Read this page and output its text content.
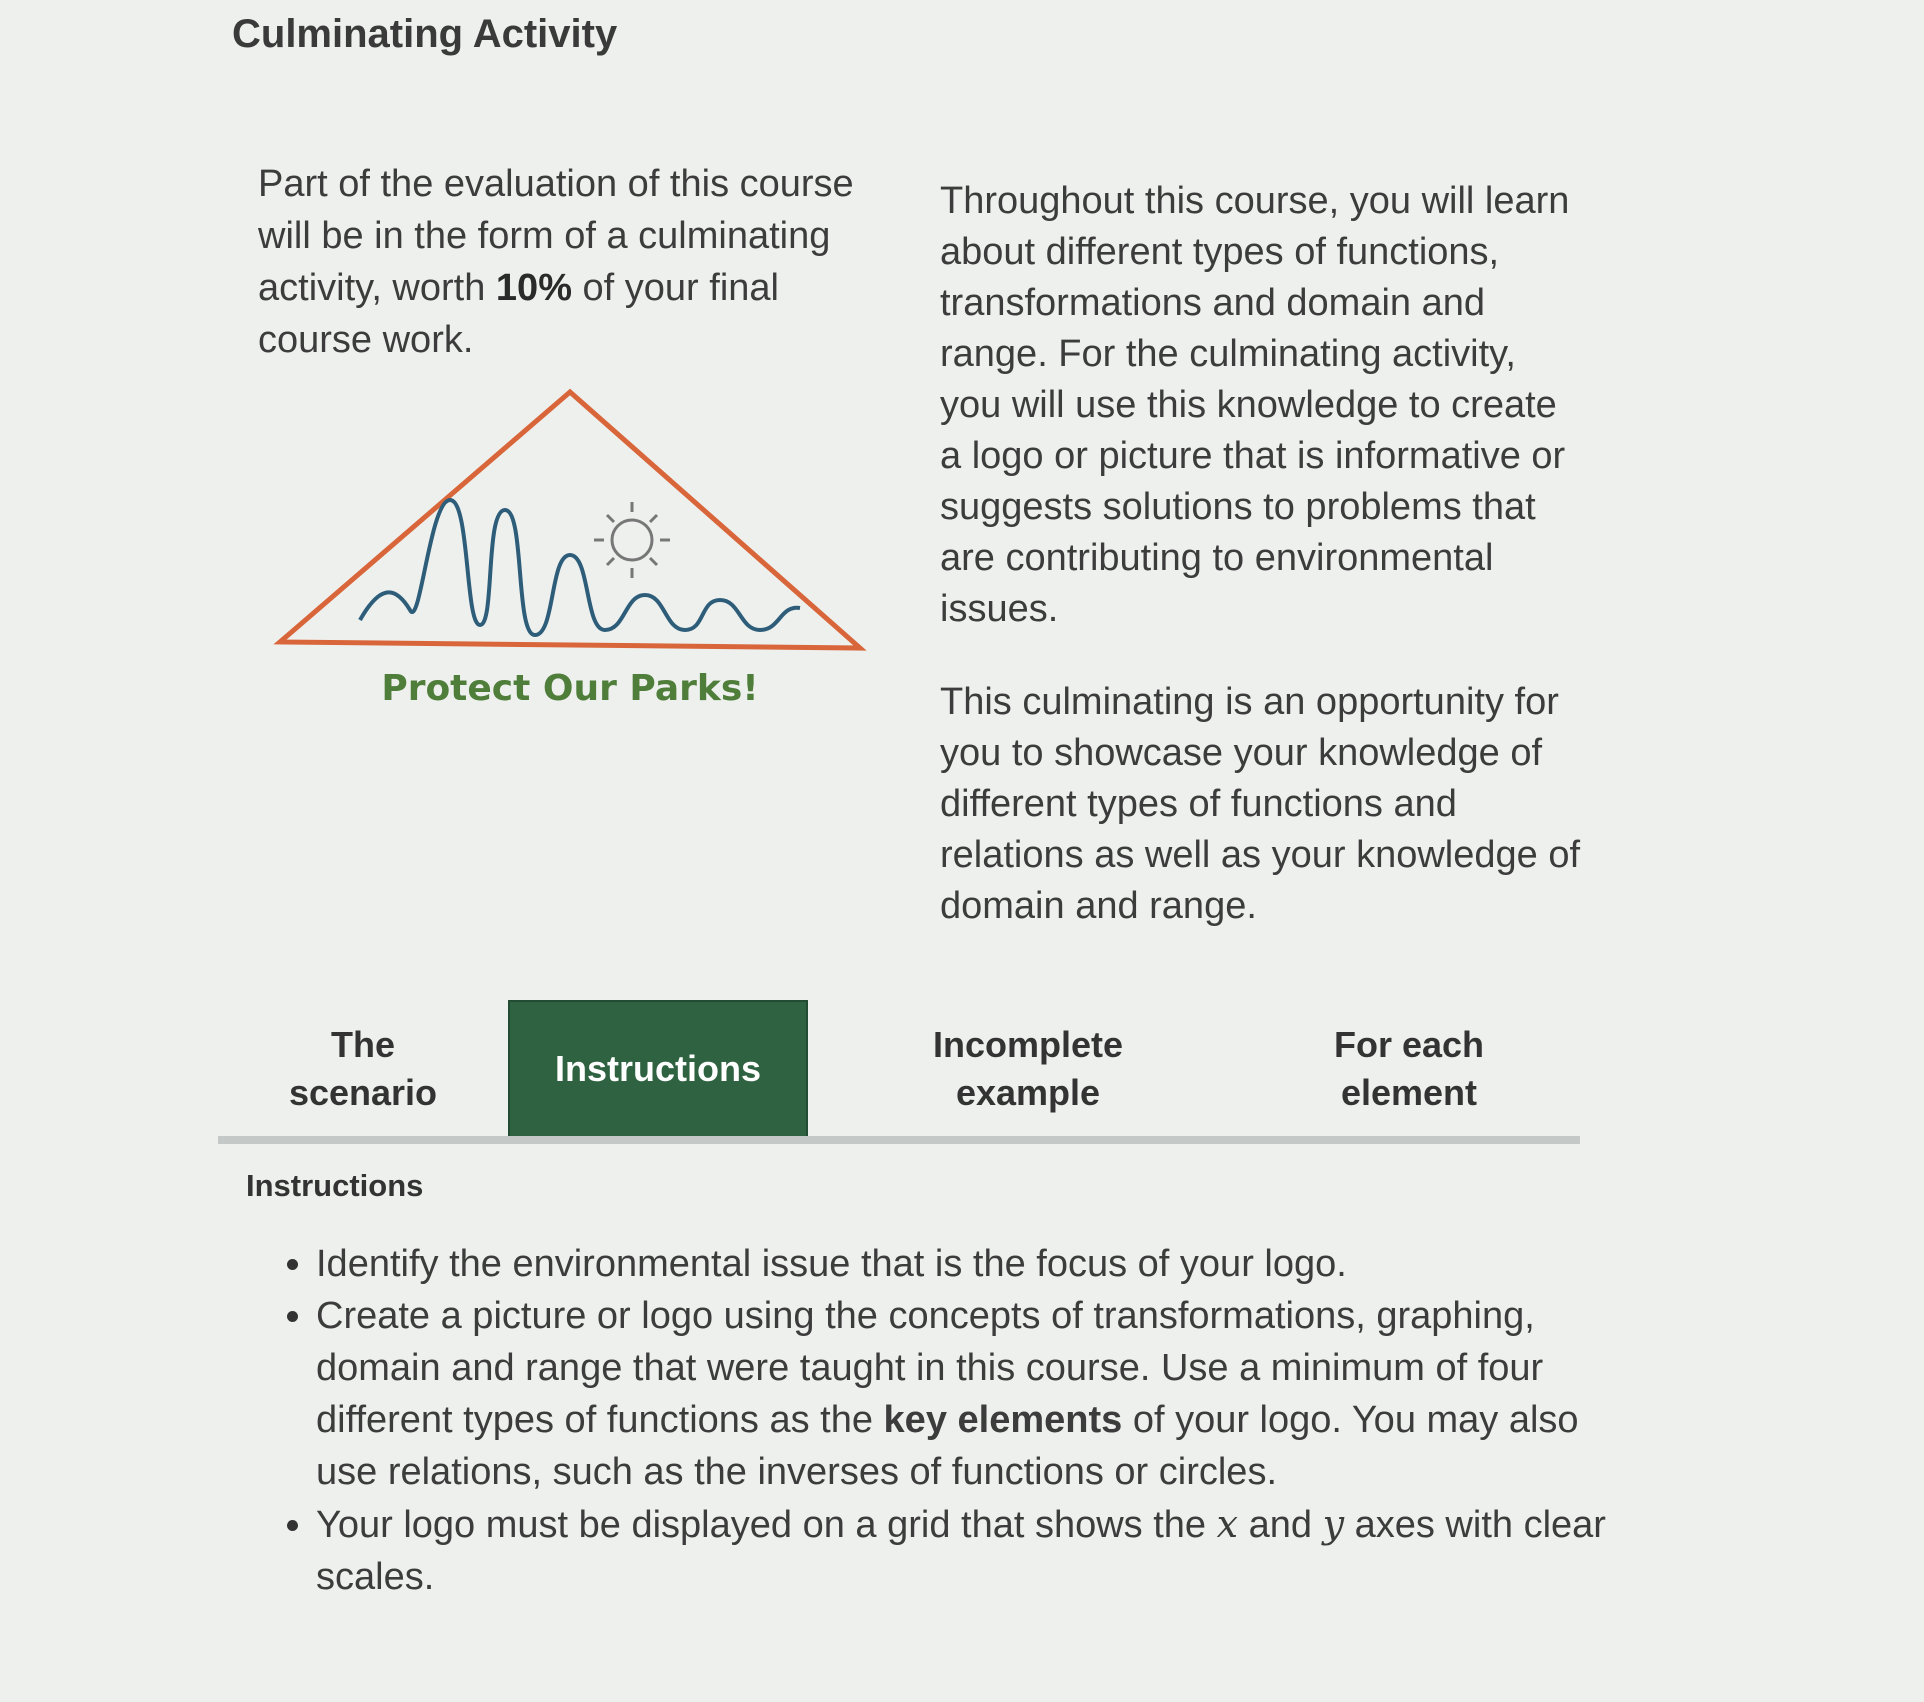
Culminating Activity
Part of the evaluation of this course will be in the form of a culminating activity, worth 10% of your final course work.
Protect Our Parks!

Throughout this course, you will learn about different types of functions, transformations and domain and range. For the culminating activity, you will use this knowledge to create a logo or picture that is informative or suggests solutions to problems that are contributing to environmental issues.

This culminating is an opportunity for you to showcase your knowledge of different types of functions and relations as well as your knowledge of domain and range.

The
scenario
Instructions
Incomplete
example
For each
element
Instructions
• Identify the environmental issue that is the focus of your logo.
• Create a picture or logo using the concepts of transformations, graphing, domain and range that were taught in this course. Use a minimum of four different types of functions as the key elements of your logo. You may also use relations, such as the inverses of functions or circles.
• Your logo must be displayed on a grid that shows the x and y axes with clear scales.
